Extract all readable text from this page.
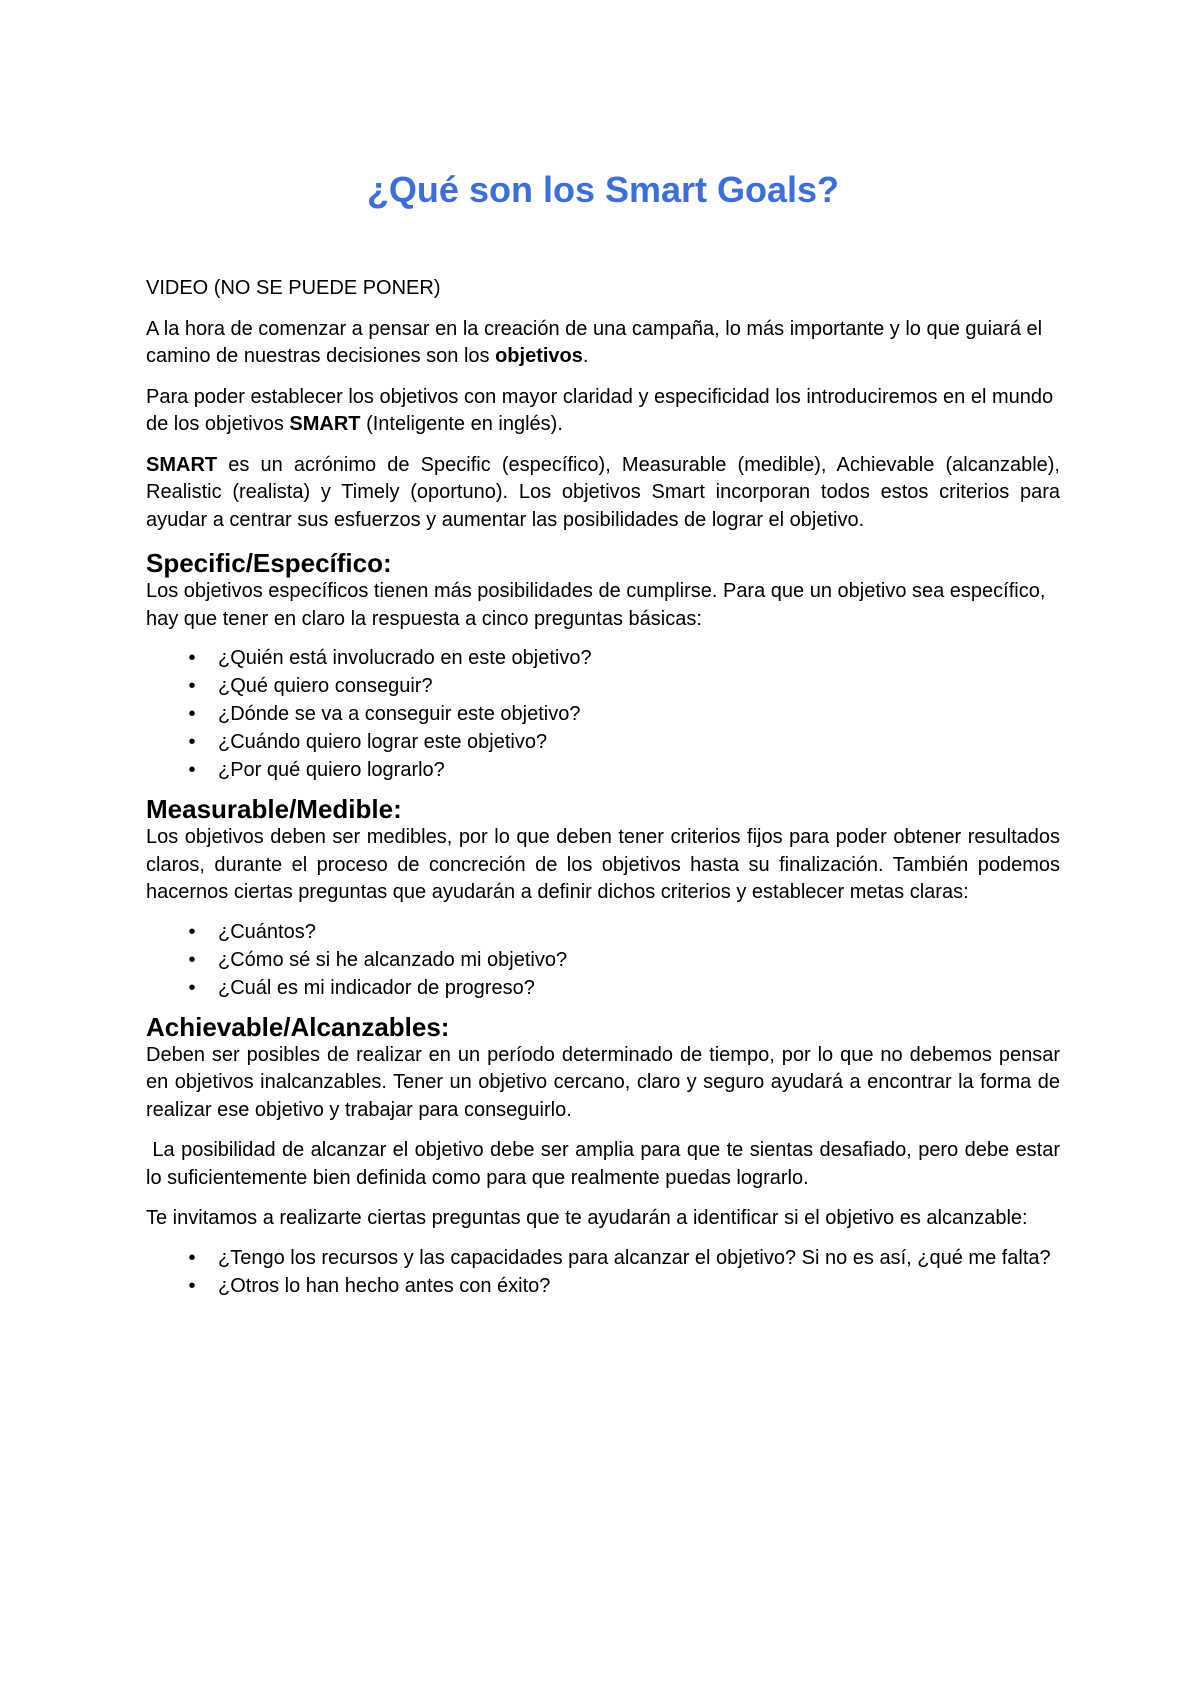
¿Qué son los Smart Goals?

VIDEO (NO SE PUEDE PONER)

A la hora de comenzar a pensar en la creación de una campaña, lo más importante y lo que guiará el camino de nuestras decisiones son los objetivos.

Para poder establecer los objetivos con mayor claridad y especificidad los introduciremos en el mundo de los objetivos SMART (Inteligente en inglés).

SMART es un acrónimo de Specific (específico), Measurable (medible), Achievable (alcanzable), Realistic (realista) y Timely (oportuno). Los objetivos Smart incorporan todos estos criterios para ayudar a centrar sus esfuerzos y aumentar las posibilidades de lograr el objetivo.

Specific/Específico:

Los objetivos específicos tienen más posibilidades de cumplirse. Para que un objetivo sea específico, hay que tener en claro la respuesta a cinco preguntas básicas:

• ¿Quién está involucrado en este objetivo?
• ¿Qué quiero conseguir?
• ¿Dónde se va a conseguir este objetivo?
• ¿Cuándo quiero lograr este objetivo?
• ¿Por qué quiero lograrlo?
Measurable/Medible:

Los objetivos deben ser medibles, por lo que deben tener criterios fijos para poder obtener resultados claros, durante el proceso de concreción de los objetivos hasta su finalización. También podemos hacernos ciertas preguntas que ayudarán a definir dichos criterios y establecer metas claras:

• ¿Cuántos?
• ¿Cómo sé si he alcanzado mi objetivo?
• ¿Cuál es mi indicador de progreso?
Achievable/Alcanzables:

Deben ser posibles de realizar en un período determinado de tiempo, por lo que no debemos pensar en objetivos inalcanzables. Tener un objetivo cercano, claro y seguro ayudará a encontrar la forma de realizar ese objetivo y trabajar para conseguirlo.

La posibilidad de alcanzar el objetivo debe ser amplia para que te sientas desafiado, pero debe estar lo suficientemente bien definida como para que realmente puedas lograrlo.

Te invitamos a realizarte ciertas preguntas que te ayudarán a identificar si el objetivo es alcanzable:

• ¿Tengo los recursos y las capacidades para alcanzar el objetivo? Si no es así, ¿qué me falta?
• ¿Otros lo han hecho antes con éxito?
